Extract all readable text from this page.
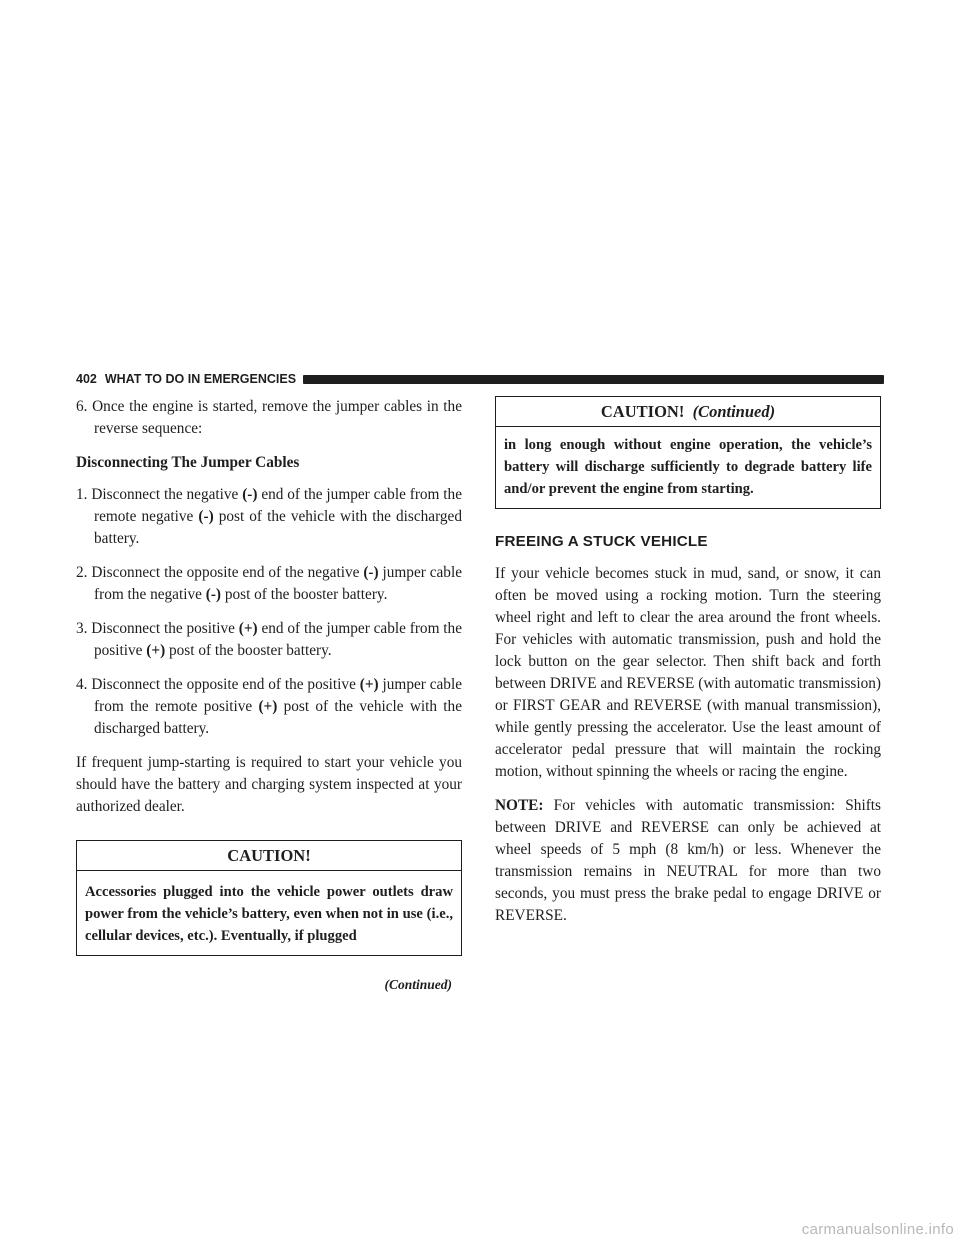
402 WHAT TO DO IN EMERGENCIES
6. Once the engine is started, remove the jumper cables in the reverse sequence:
Disconnecting The Jumper Cables
1. Disconnect the negative (-) end of the jumper cable from the remote negative (-) post of the vehicle with the discharged battery.
2. Disconnect the opposite end of the negative (-) jumper cable from the negative (-) post of the booster battery.
3. Disconnect the positive (+) end of the jumper cable from the positive (+) post of the booster battery.
4. Disconnect the opposite end of the positive (+) jumper cable from the remote positive (+) post of the vehicle with the discharged battery.

If frequent jump-starting is required to start your vehicle you should have the battery and charging system inspected at your authorized dealer.

CAUTION!
Accessories plugged into the vehicle power outlets draw power from the vehicle’s battery, even when not in use (i.e., cellular devices, etc.). Eventually, if plugged
(Continued)
CAUTION! (Continued)
in long enough without engine operation, the vehicle’s battery will discharge sufficiently to degrade battery life and/or prevent the engine from starting.
FREEING A STUCK VEHICLE

If your vehicle becomes stuck in mud, sand, or snow, it can often be moved using a rocking motion. Turn the steering wheel right and left to clear the area around the front wheels. For vehicles with automatic transmission, push and hold the lock button on the gear selector. Then shift back and forth between DRIVE and REVERSE (with automatic transmission) or FIRST GEAR and REVERSE (with manual transmission), while gently pressing the accelerator. Use the least amount of accelerator pedal pressure that will maintain the rocking motion, without spinning the wheels or racing the engine.

NOTE: For vehicles with automatic transmission: Shifts between DRIVE and REVERSE can only be achieved at wheel speeds of 5 mph (8 km/h) or less. Whenever the transmission remains in NEUTRAL for more than two seconds, you must press the brake pedal to engage DRIVE or REVERSE.

carmanualsonline.info
